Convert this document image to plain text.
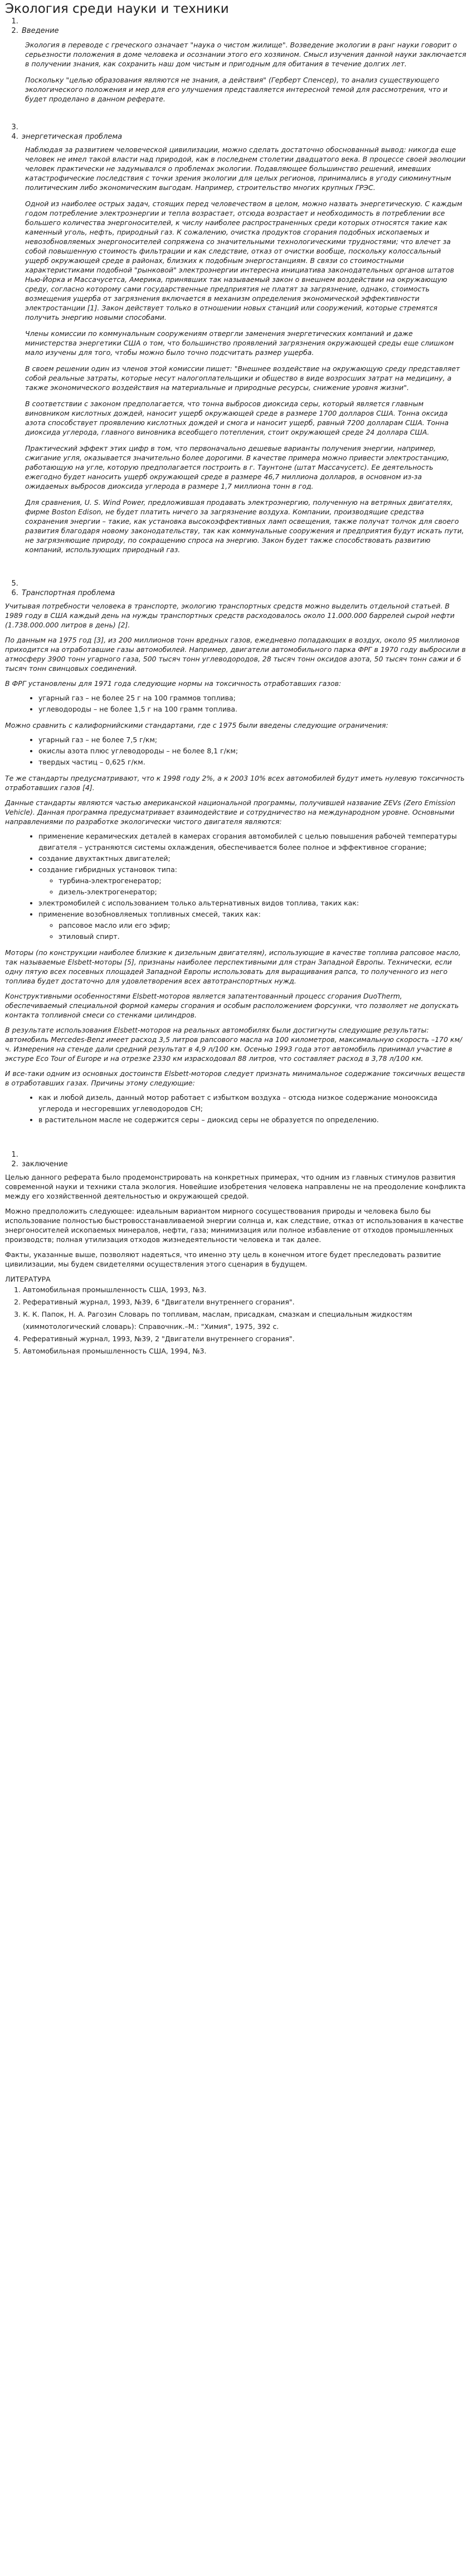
Экология среди науки и техники
1.
2. Введение

Экология в переводе с греческого означает "наука о чистом жилище". Возведение экологии в ранг науки говорит о серьезности положения в доме человека и осознании этого его хозяином. Смысл изучения данной науки заключается в получении знания, как сохранить наш дом чистым и пригодным для обитания в течение долгих лет.

Поскольку "целью образования являются не знания, а действия" (Герберт Спенсер), то анализ существующего экологического положения и мер для его улучшения представляется интересной темой для рассмотрения, что и будет проделано в данном реферате.

3.
4. энергетическая проблема

Наблюдая за развитием человеческой цивилизации, можно сделать достаточно обоснованный вывод: никогда еще человек не имел такой власти над природой, как в последнем столетии двадцатого века. В процессе своей эволюции человек практически не задумывался о проблемах экологии. Подавляющее большинство решений, имевших катастрофические последствия с точки зрения экологии для целых регионов, принимались в угоду сиюминутным политическим либо экономическим выгодам. Например, строительство многих крупных ГРЭС.

Одной из наиболее острых задач, стоящих перед человечеством в целом, можно назвать энергетическую. С каждым годом потребление электроэнергии и тепла возрастает, отсюда возрастает и необходимость в потреблении все большего количества энергоносителей, к числу наиболее распространенных среди которых относятся такие как каменный уголь, нефть, природный газ. К сожалению, очистка продуктов сгорания подобных ископаемых и невозобновляемых энергоносителей сопряжена со значительными технологическими трудностями; что влечет за собой повышенную стоимость фильтрации и как следствие, отказ от очистки вообще, поскольку колоссальный ущерб окружающей среде в районах, близких к подобным энергостанциям. В связи со стоимостными характеристиками подобной "рынковой" электроэнергии интересна инициатива законодательных органов штатов Нью-Йорка и Массачусетса, Америка, принявших так называемый закон о внешнем воздействии на окружающую среду, согласно которому сами государственные предприятия не платят за загрязнение, однако, стоимость возмещения ущерба от загрязнения включается в механизм определения экономической эффективности электростанции [1]. Закон действует только в отношении новых станций или сооружений, которые стремятся получить энергию новыми способами.

Члены комиссии по коммунальным сооружениям отвергли заменения энергетических компаний и даже министерства энергетики США о том, что большинство проявлений загрязнения окружающей среды еще слишком мало изучены для того, чтобы можно было точно подсчитать размер ущерба.

В своем решении один из членов этой комиссии пишет: "Внешнее воздействие на окружающую среду представляет собой реальные затраты, которые несут налогоплательщики и общество в виде возросших затрат на медицину, а также экономического воздействия на материальные и природные ресурсы, снижение уровня жизни".

В соответствии с законом предполагается, что тонна выбросов диоксида серы, который является главным виновником кислотных дождей, наносит ущерб окружающей среде в размере 1700 долларов США. Тонна оксида азота способствует проявлению кислотных дождей и смога и наносит ущерб, равный 7200 долларам США. Тонна диоксида углерода, главного виновника всеобщего потепления, стоит окружающей среде 24 доллара США.

Практический эффект этих цифр в том, что первоначально дешевые варианты получения энергии, например, сжигание угля, оказывается значительно более дорогими. В качестве примера можно привести электростанцию, работающую на угле, которую предполагается построить в г. Таунтоне (штат Массачусетс). Ее деятельность ежегодно будет наносить ущерб окружающей среде в размере 46,7 миллиона долларов, в основном из-за ожидаемых выбросов диоксида углерода в размере 1,7 миллиона тонн в год.

Для сравнения, U. S. Wind Power, предложившая продавать электроэнергию, полученную на ветряных двигателях, фирме Boston Edison, не будет платить ничего за загрязнение воздуха. Компании, производящие средства сохранения энергии – такие, как установка высокоэффективных ламп освещения, также получат толчок для своего развития благодаря новому законодательству, так как коммунальные сооружения и предприятия будут искать пути, не загрязняющие природу, по сокращению спроса на энергию. Закон будет также способствовать развитию компаний, использующих природный газ.

5.
6. Транспортная проблема

Учитывая потребности человека в транспорте, экологию транспортных средств можно выделить отдельной статьей. В 1989 году в США каждый день на нужды транспортных средств расходовалось около 11.000.000 баррелей сырой нефти (1.738.000.000 литров в день) [2].

По данным на 1975 год [3], из 200 миллионов тонн вредных газов, ежедневно попадающих в воздух, около 95 миллионов приходится на отработавшие газы автомобилей. Например, двигатели автомобильного парка ФРГ в 1970 году выбросили в атмосферу 3900 тонн угарного газа, 500 тысяч тонн углеводородов, 28 тысяч тонн оксидов азота, 50 тысяч тонн сажи и 6 тысяч тонн свинцовых соединений.

В ФРГ установлены для 1971 года следующие нормы на токсичность отработавших газов:

• угарный газ – не более 25 г на 100 граммов топлива;
• углеводороды – не более 1,5 г на 100 грамм топлива.

Можно сравнить с калифорнийскими стандартами, где с 1975 были введены следующие ограничения:

• угарный газ – не более 7,5 г/км;
• окислы азота плюс углеводороды – не более 8,1 г/км;
• твердых частиц – 0,625 г/км.

Те же стандарты предусматривают, что к 1998 году 2%, а к 2003 10% всех автомобилей будут иметь нулевую токсичность отработавших газов [4].

Данные стандарты являются частью американской национальной программы, получившей название ZEVs (Zero Emission Vehicle). Данная программа предусматривает взаимодействие и сотрудничество на международном уровне. Основными направлениями по разработке экологически чистого двигателя являются:

• применение керамических деталей в камерах сгорания автомобилей с целью повышения рабочей температуры двигателя – устраняются системы охлаждения, обеспечивается более полное и эффективное сгорание;
• создание двухтактных двигателей;
• создание гибридных установок типа:
◦ турбина-электрогенератор;
◦ дизель-электрогенератор;
• электромобилей с использованием только альтернативных видов топлива, таких как:
• применение возобновляемых топливных смесей, таких как:
◦ рапсовое масло или его эфир;
◦ этиловый спирт.

Моторы (по конструкции наиболее близкие к дизельным двигателям), использующие в качестве топлива рапсовое масло, так называемые Elsbett-моторы [5], признаны наиболее перспективными для стран Западной Европы. Технически, если одну пятую всех посевных площадей Западной Европы использовать для выращивания рапса, то полученного из него топлива будет достаточно для удовлетворения всех автотранспортных нужд.

Конструктивными особенностями Elsbett-моторов является запатентованный процесс сгорания DuoTherm, обеспечиваемый специальной формой камеры сгорания и особым расположением форсунки, что позволяет не допускать контакта топливной смеси со стенками цилиндров.

В результате использования Elsbett-моторов на реальных автомобилях были достигнуты следующие результаты: автомобиль Mercedes-Benz имеет расход 3,5 литров рапсового масла на 100 километров, максимальную скорость –170 км/ч. Измерения на стенде дали средний результат в 4,9 л/100 км. Осенью 1993 года этот автомобиль принимал участие в экстуре Eco Tour of Europe и на отрезке 2330 км израсходовал 88 литров, что составляет расход в 3,78 л/100 км.

И все-таки одним из основных достоинств Elsbett-моторов следует признать минимальное содержание токсичных веществ в отработавших газах. Причины этому следующие:

• как и любой дизель, данный мотор работает с избытком воздуха – отсюда низкое содержание монооксида углерода и несгоревших углеводородов СН;
• в растительном масле не содержится серы – диоксид серы не образуется по определению.
1.
2. заключение

Целью данного реферата было продемонстрировать на конкретных примерах, что одним из главных стимулов развития современной науки и техники стала экология. Новейшие изобретения человека направлены не на преодоление конфликта между его хозяйственной деятельностью и окружающей средой.

Можно предположить следующее: идеальным вариантом мирного сосуществования природы и человека было бы использование полностью быстровосстанавливаемой энергии солнца и, как следствие, отказ от использования в качестве энергоносителей ископаемых минералов, нефти, газа; минимизация или полное избавление от отходов промышленных производств; полная утилизация отходов жизнедеятельности человека и так далее.

Факты, указанные выше, позволяют надеяться, что именно эту цель в конечном итоге будет преследовать развитие цивилизации, мы будем свидетелями осуществления этого сценария в будущем.

ЛИТЕРАТУРА
1. Автомобильная промышленность США, 1993, №3.
2. Реферативный журнал, 1993, №39, 6 "Двигатели внутреннего сгорания".
3. К. К. Папок, Н. А. Рагозин Словарь по топливам, маслам, присадкам, смазкам и специальным жидкостям (химмотологический словарь): Справочник.–М.: "Химия", 1975, 392 с.
4. Реферативный журнал, 1993, №39, 2 "Двигатели внутреннего сгорания".
5. Автомобильная промышленность США, 1994, №3.
